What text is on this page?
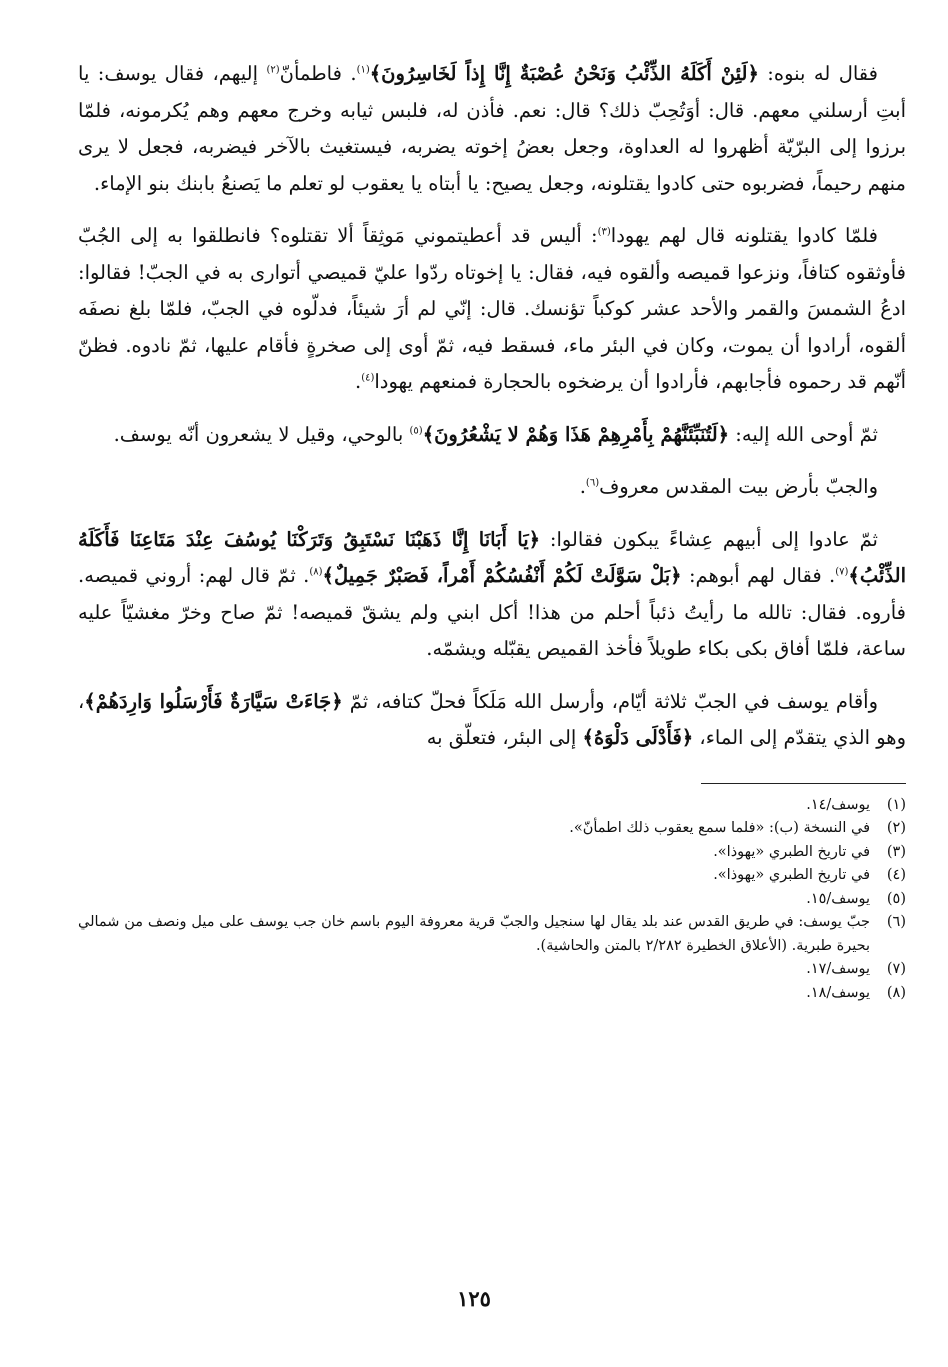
فقال له بنوه: ﴿لَئِنْ أَكَلَهُ الذِّئْبُ وَنَحْنُ عُصْبَةٌ إِنَّا إِذاً لَخَاسِرُونَ﴾$^{(١)}$. فاطمأنّ$^{(٢)}$ إليهم، فقال يوسف: يا أبتِ أرسلني معهم. قال: أوَتُحِبّ ذلك؟ قال: نعم. فأذن له، فلبس ثيابه وخرج معهم وهم يُكرمونه، فلمّا برزوا إلى البرّيّة أظهروا له العداوة، وجعل بعضُ إخوته يضربه، فيستغيث بالآخر فيضربه، فجعل لا يرى منهم رحيماً، فضربوه حتى كادوا يقتلونه، وجعل يصيح: يا أبتاه يا يعقوب لو تعلم ما يَصنعُ بابنك بنو الإماء.

فلمّا كادوا يقتلونه قال لهم يهودا$^{(٣)}$: أليس قد أعطيتموني مَوثِقاً ألا تقتلوه؟ فانطلقوا به إلى الجُبّ فأوثقوه كتافاً، ونزعوا قميصه وألقوه فيه، فقال: يا إخوتاه ردّوا عليّ قميصي أتوارى به في الجبّ! فقالوا: ادعُ الشمسَ والقمر والأحد عشر كوكباً تؤنسك. قال: إنّي لم أرَ شيئاً، فدلّوه في الجبّ، فلمّا بلغ نصفَه ألقوه، أرادوا أن يموت، وكان في البئر ماء، فسقط فيه، ثمّ أوى إلى صخرةٍ فأقام عليها، ثمّ نادوه. فظنّ أنّهم قد رحموه فأجابهم، فأرادوا أن يرضخوه بالحجارة فمنعهم يهودا$^{(٤)}$.

ثمّ أوحى الله إليه: ﴿لَتُنَبِّئَنَّهُمْ بِأَمْرِهِمْ هَذَا وَهُمْ لا يَشْعُرُونَ﴾$^{(٥)}$ بالوحي، وقيل لا يشعرون أنّه يوسف.

والجبّ بأرض بيت المقدس معروف$^{(٦)}$.

ثمّ عادوا إلى أبيهم عِشاءً يبكون فقالوا: ﴿يَا أَبَانَا إِنَّا ذَهَبْنَا نَسْتَبِقُ وَتَرَكْنَا يُوسُفَ عِنْدَ مَتَاعِنَا فَأَكَلَهُ الذِّئْبُ﴾$^{(٧)}$. فقال لهم أبوهم: ﴿بَلْ سَوَّلَتْ لَكُمْ أَنْفُسُكُمْ أَمْراً، فَصَبْرٌ جَمِيلٌ﴾$^{(٨)}$. ثمّ قال لهم: أروني قميصه. فأروه. فقال: تالله ما رأيتُ ذئباً أحلم من هذا! أكل ابني ولم يشقّ قميصه! ثمّ صاح وخرّ مغشيّاً عليه ساعة، فلمّا أفاق بكى بكاء طويلاً فأخذ القميص يقبّله ويشمّه.

وأقام يوسف في الجبّ ثلاثة أيّام، وأرسل الله مَلَكاً فحلّ كتافه، ثمّ ﴿جَاءَتْ سَيَّارَةٌ فَأَرْسَلُوا وَارِدَهُمْ﴾، وهو الذي يتقدّم إلى الماء، ﴿فَأَدْلَى دَلْوَهُ﴾ إلى البئر، فتعلّق به

(١)
يوسف/١٤.
(٢)
في النسخة (ب): «فلما سمع يعقوب ذلك اطمأنّ».
(٣)
في تاريخ الطبري «يهوذا».
(٤)
في تاريخ الطبري «يهوذا».
(٥)
يوسف/١٥.
(٦)
جبّ يوسف: في طريق القدس عند بلد يقال لها سنجيل والجبّ قرية معروفة اليوم باسم خان جب يوسف على ميل ونصف من شمالي بحيرة طبرية. (الأعلاق الخطيرة ٢/٢٨٢ بالمتن والحاشية).
(٧)
يوسف/١٧.
(٨)
يوسف/١٨.
١٢٥
